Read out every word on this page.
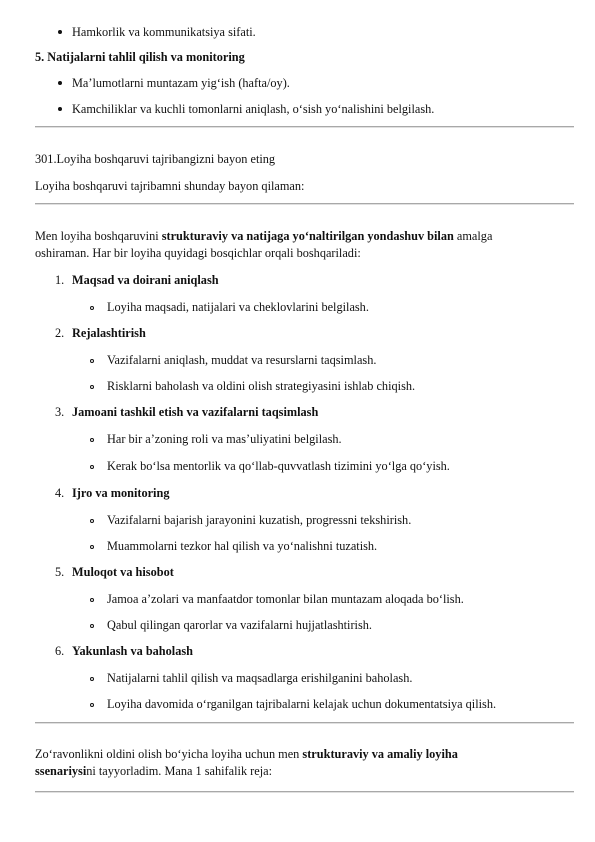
Hamkorlik va kommunikatsiya sifati.
5. Natijalarni tahlil qilish va monitoring
Ma’lumotlarni muntazam yig‘ish (hafta/oy).
Kamchiliklar va kuchli tomonlarni aniqlash, o‘sish yo‘nalishini belgilash.
301.Loyiha boshqaruvi tajribangizni bayon eting
Loyiha boshqaruvi tajribamni shunday bayon qilaman:
Men loyiha boshqaruvini strukturaviy va natijaga yo‘naltirilgan yondashuv bilan amalga
oshiraman. Har bir loyiha quyidagi bosqichlar orqali boshqariladi:
1. Maqsad va doirani aniqlash
Loyiha maqsadi, natijalari va cheklovlarini belgilash.
2. Rejalashtirish
Vazifalarni aniqlash, muddat va resurslarni taqsimlash.
Risklarni baholash va oldini olish strategiyasini ishlab chiqish.
3. Jamoani tashkil etish va vazifalarni taqsimlash
Har bir a’zoning roli va mas’uliyatini belgilash.
Kerak bo‘lsa mentorlik va qo‘llab-quvvatlash tizimini yo‘lga qo‘yish.
4. Ijro va monitoring
Vazifalarni bajarish jarayonini kuzatish, progressni tekshirish.
Muammolarni tezkor hal qilish va yo‘nalishni tuzatish.
5. Muloqot va hisobot
Jamoa a’zolari va manfaatdor tomonlar bilan muntazam aloqada bo‘lish.
Qabul qilingan qarorlar va vazifalarni hujjatlashtirish.
6. Yakunlash va baholash
Natijalarni tahlil qilish va maqsadlarga erishilganini baholash.
Loyiha davomida o‘rganilgan tajribalarni kelajak uchun dokumentatsiya qilish.
Zo‘ravonlikni oldini olish bo‘yicha loyiha uchun men strukturaviy va amaliy loyiha
ssenariysini tayyorladim. Mana 1 sahifalik reja:
